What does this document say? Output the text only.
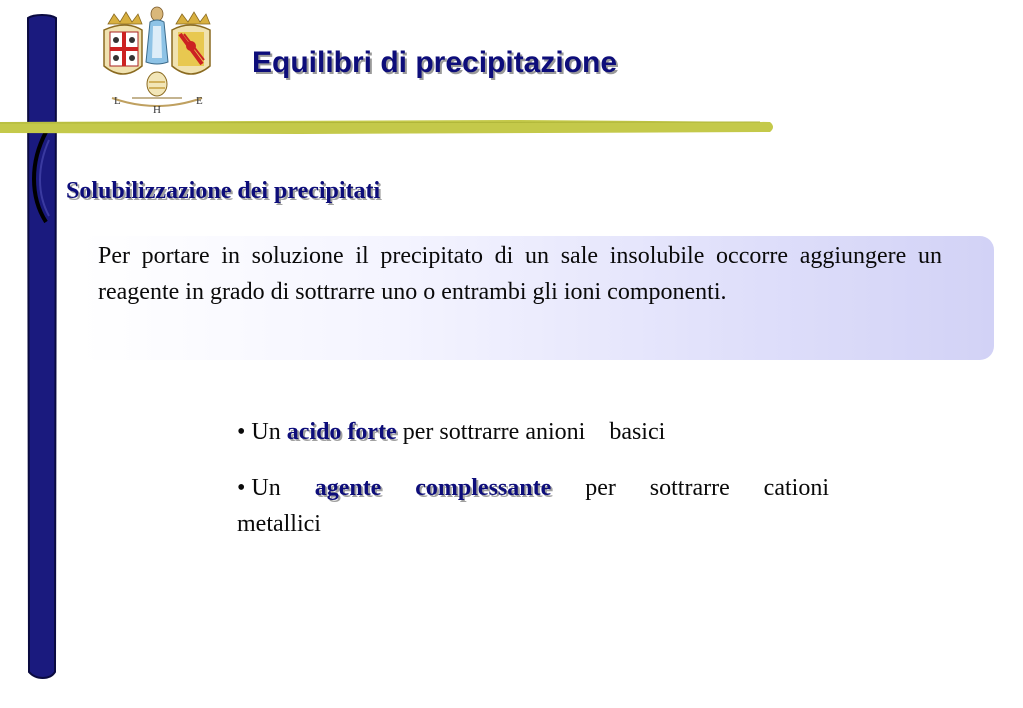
L
H
E
Equilibri di precipitazione
Solubilizzazione dei precipitati

Per portare in soluzione il precipitato di un sale insolubile occorre aggiungere un reagente in grado di sottrarre uno o entrambi gli ioni componenti.

• Un acido forte per sottrarre anioni basici
• Un agente complessante per sottrarre cationi metallici
